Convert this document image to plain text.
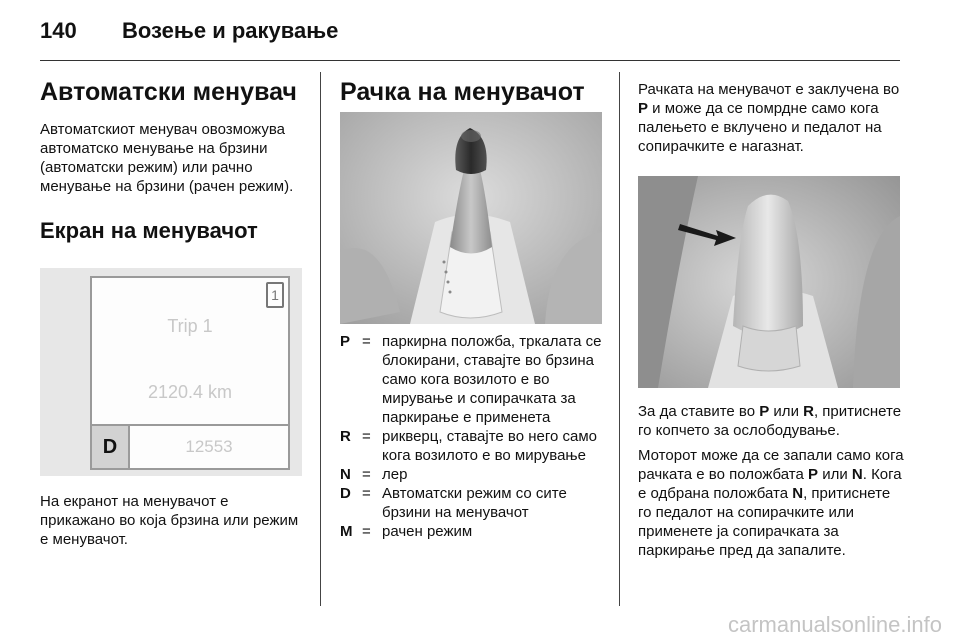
140 Возење и ракување
Автоматски менувач

Автоматскиот менувач овозможува автоматско менување на брзини (автоматски режим) или рачно менување на брзини (рачен режим).

Екран на менувачот
1
Trip 1
2120.4 km
D	12553

На екранот на менувачот е прикажано во која брзина или режим е менувачот.

Рачка на менувачот
P = паркирна положба, тркалата се блокирани, ставајте во брзина само кога возилото е во мирување и сопирачката за паркирање е применета
R = рикверц, ставајте во него само кога возилото е во мирување
N = лер
D = Автоматски режим со сите брзини на менувачот
M = рачен режим

Рачката на менувачот е заклучена во P и може да се помрдне само кога палењето е вклучено и педалот на сопирачките е нагазнат.

За да ставите во P или R, притиснете го копчето за ослободување.

Моторот може да се запали само кога рачката е во положбата P или N. Кога е одбрана положбата N, притиснете го педалот на сопирачките или применете ја сопирачката за паркирање пред да запалите.

carmanualsonline.info
